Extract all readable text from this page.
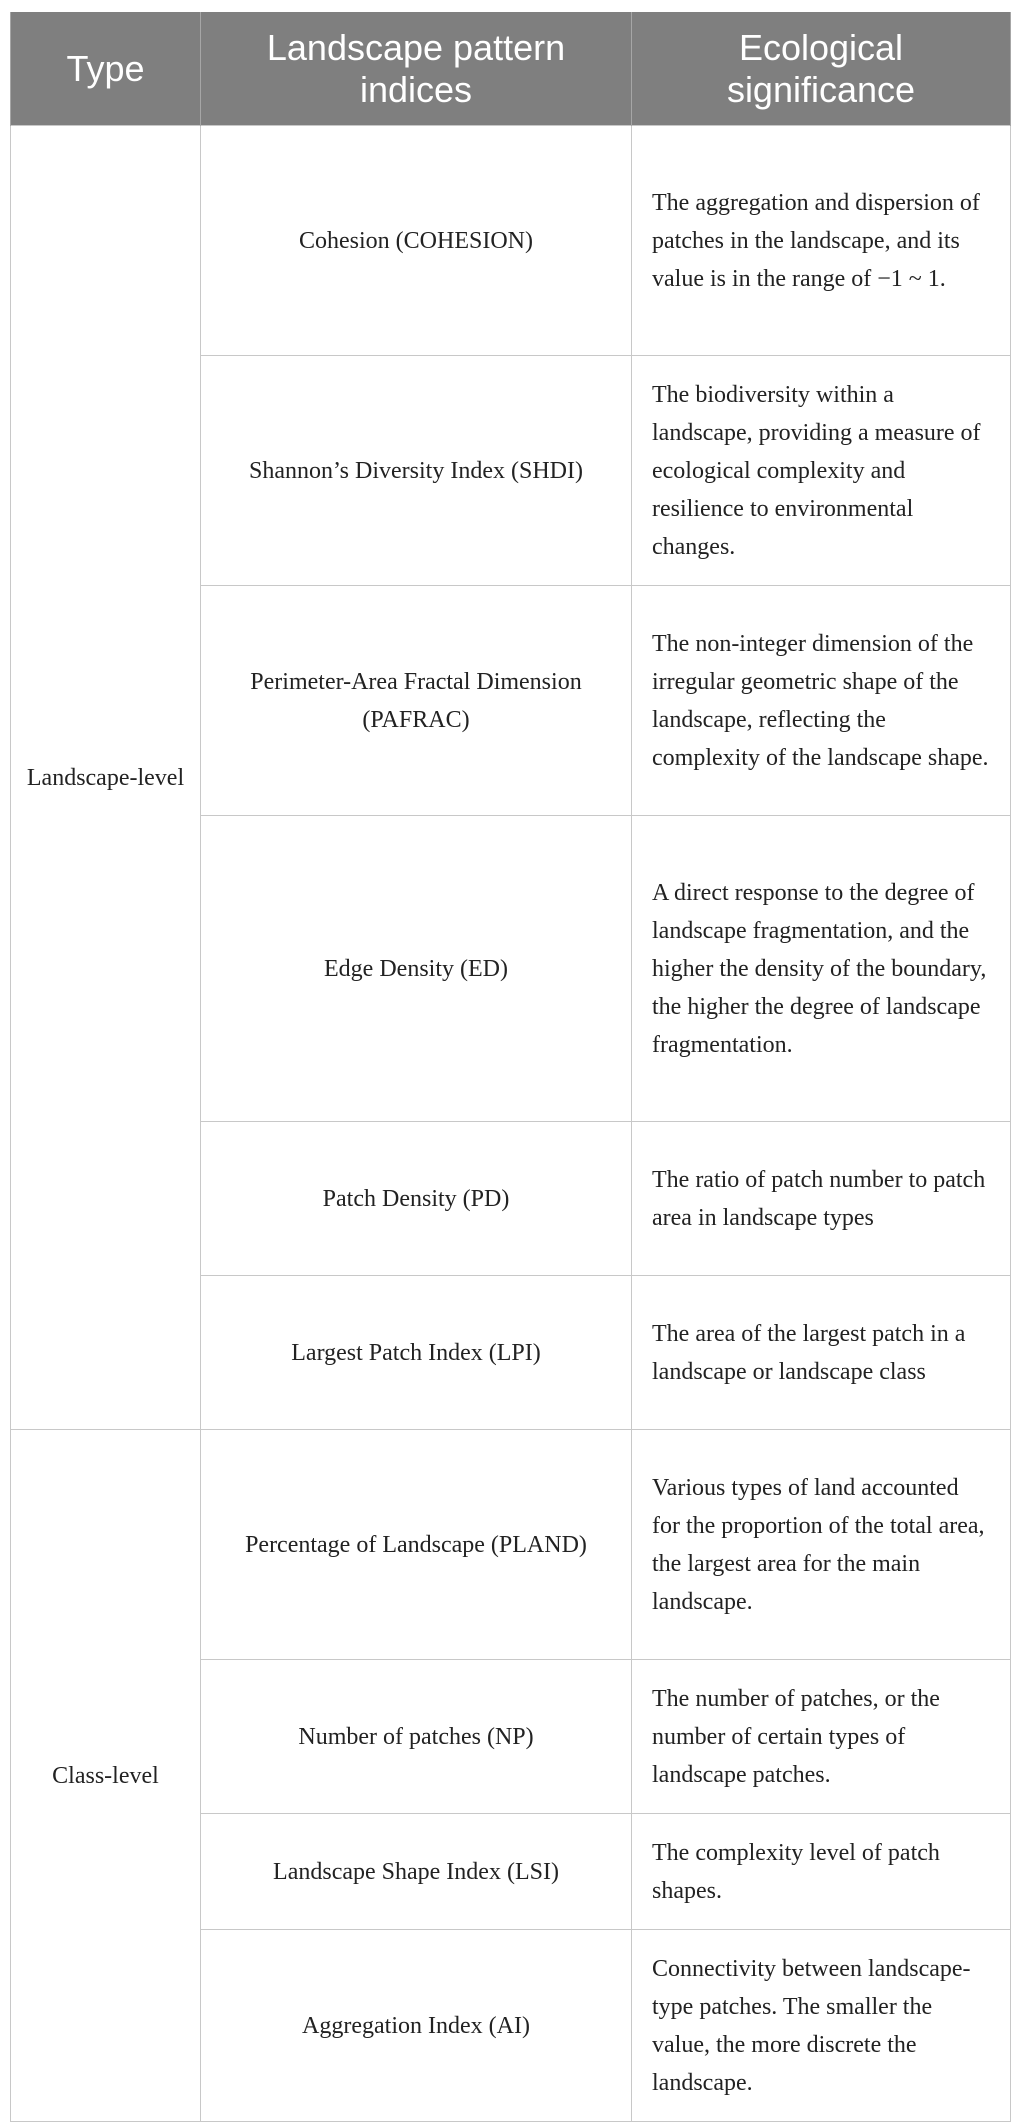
Type	Landscape pattern indices	Ecological significance
Landscape-level	Cohesion (COHESION)	The aggregation and dispersion of patches in the landscape, and its value is in the range of −1 ~ 1.
	Shannon’s Diversity Index (SHDI)	The biodiversity within a landscape, providing a measure of ecological complexity and resilience to environmental changes.
	Perimeter-Area Fractal Dimension (PAFRAC)	The non-integer dimension of the irregular geometric shape of the landscape, reflecting the complexity of the landscape shape.
	Edge Density (ED)	A direct response to the degree of landscape fragmentation, and the higher the density of the boundary, the higher the degree of landscape fragmentation.
	Patch Density (PD)	The ratio of patch number to patch area in landscape types
	Largest Patch Index (LPI)	The area of the largest patch in a landscape or landscape class
Class-level	Percentage of Landscape (PLAND)	Various types of land accounted for the proportion of the total area, the largest area for the main landscape.
	Number of patches (NP)	The number of patches, or the number of certain types of landscape patches.
	Landscape Shape Index (LSI)	The complexity level of patch shapes.
	Aggregation Index (AI)	Connectivity between landscape-type patches. The smaller the value, the more discrete the landscape.
